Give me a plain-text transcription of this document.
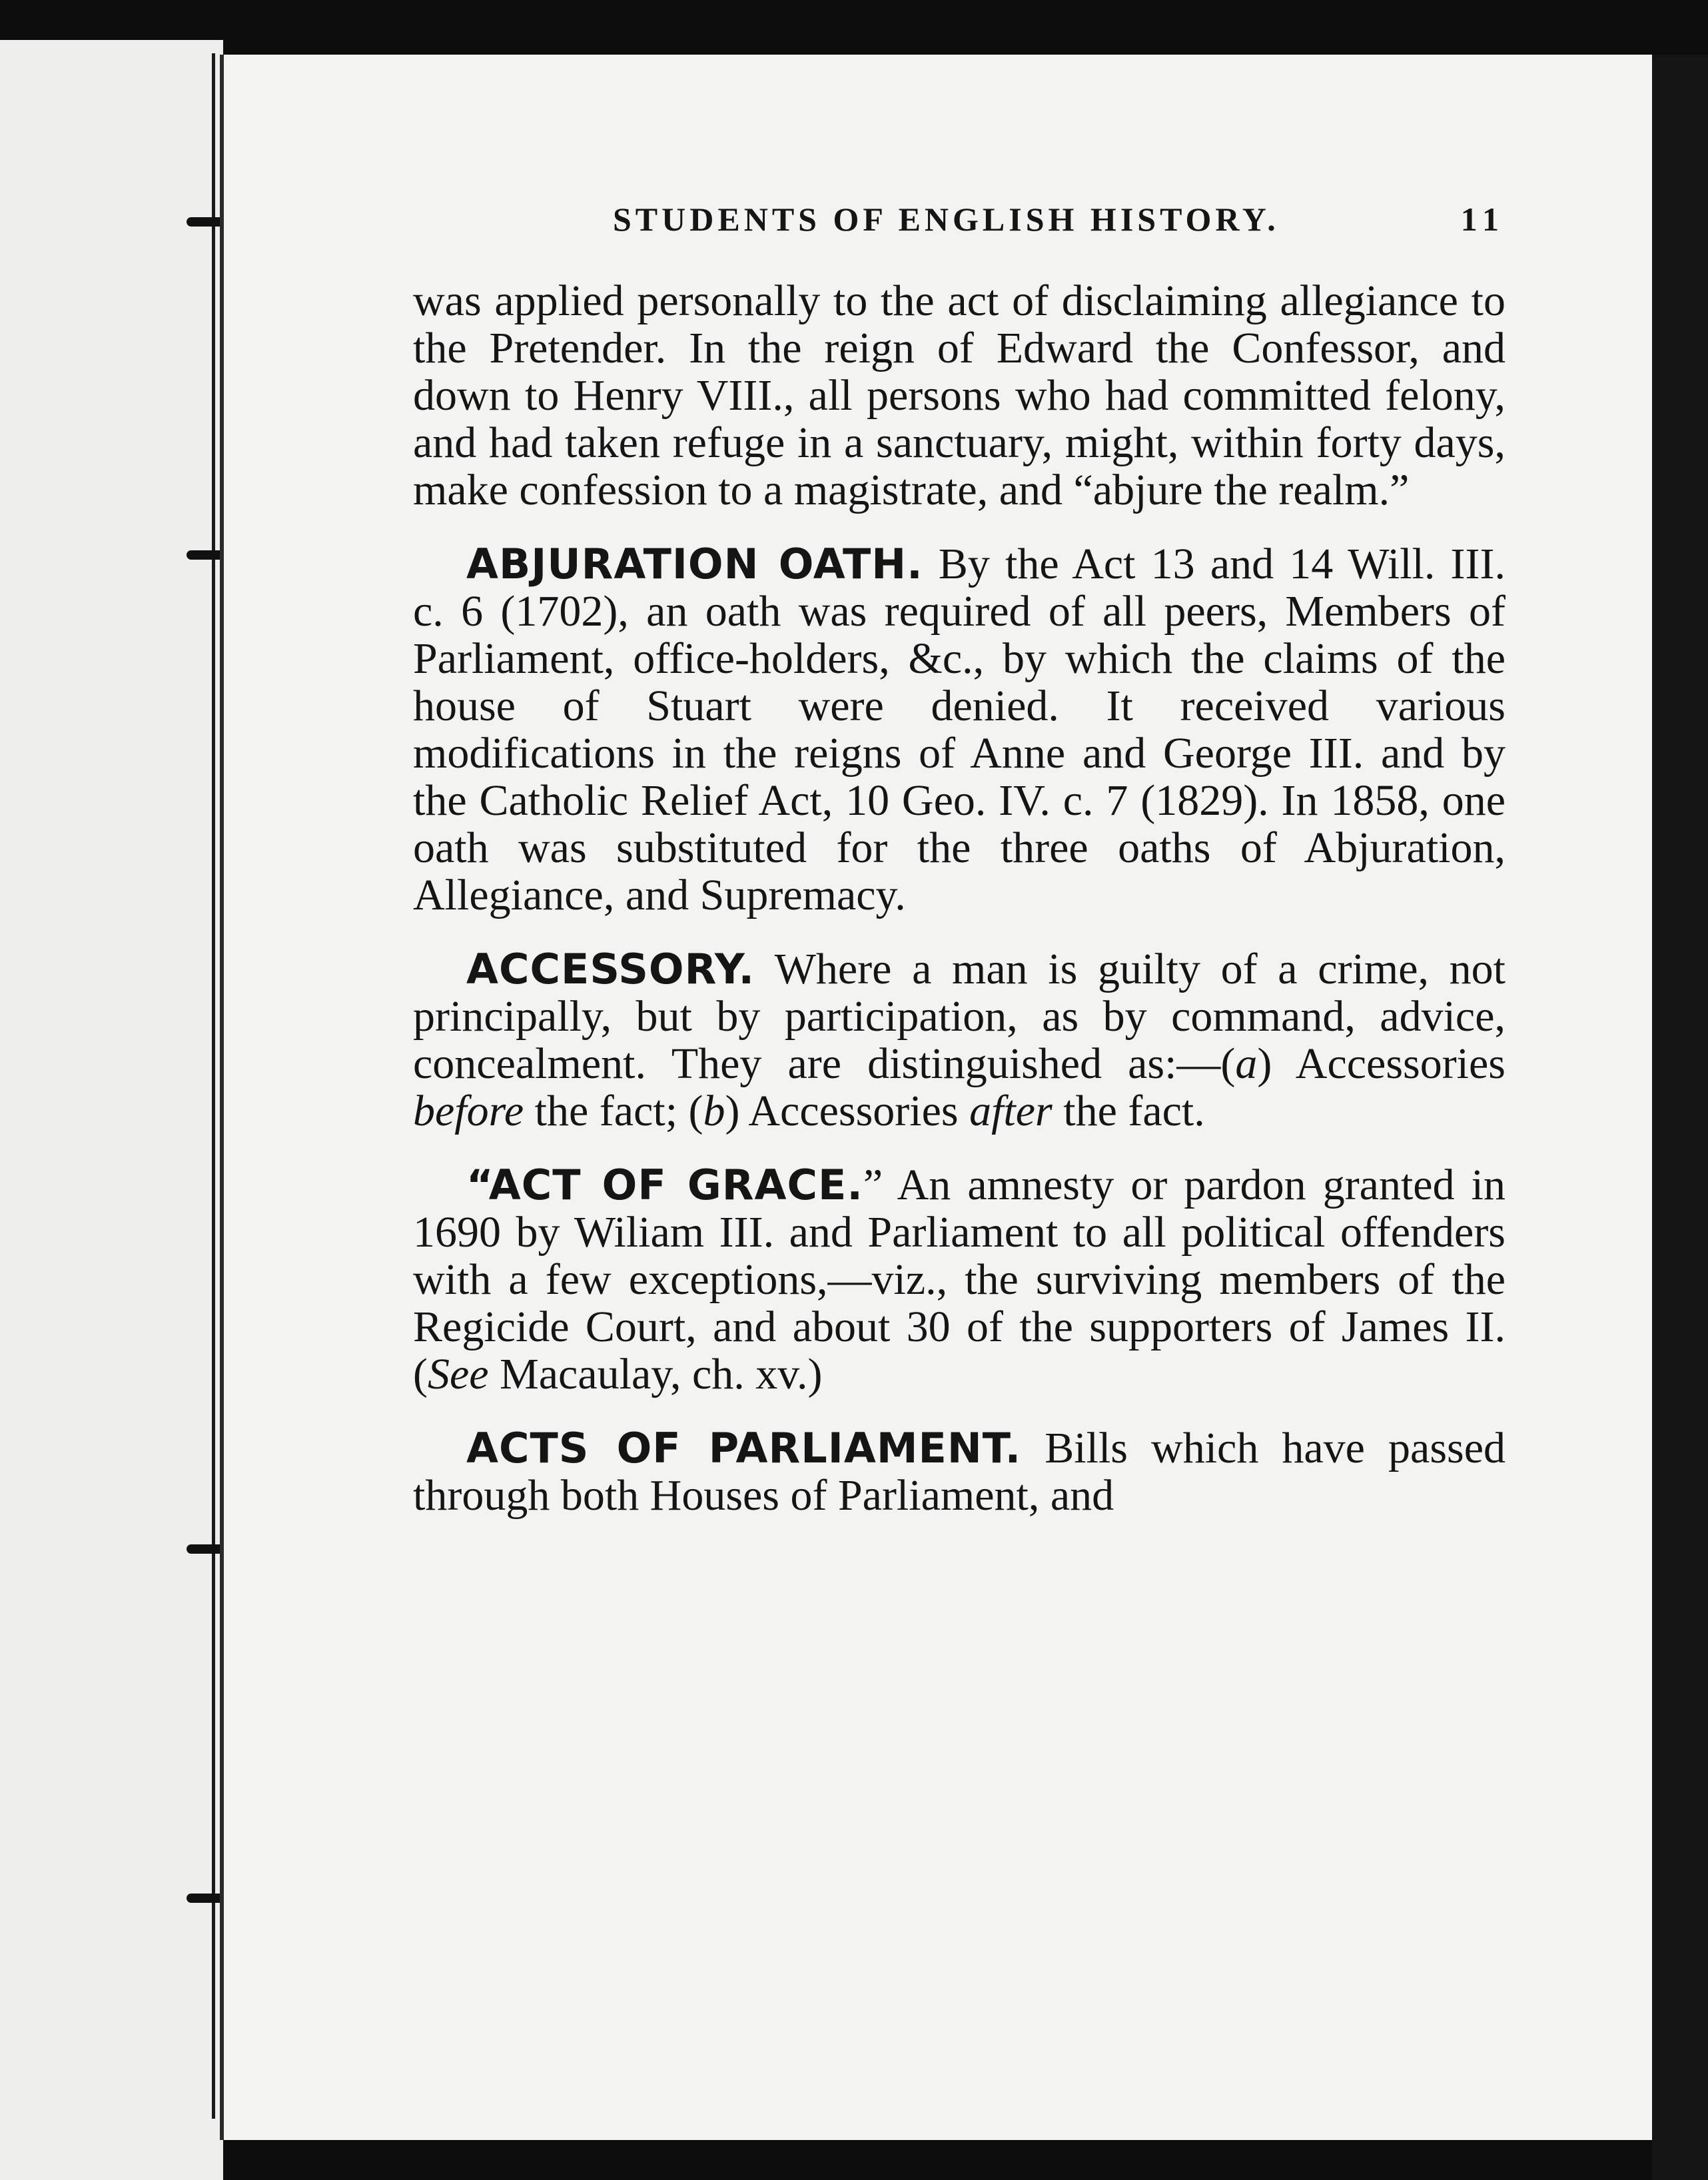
STUDENTS OF ENGLISH HISTORY.	11

was applied personally to the act of disclaiming allegiance to the Pretender. In the reign of Edward the Confessor, and down to Henry VIII., all persons who had committed felony, and had taken refuge in a sanctuary, might, within forty days, make confession to a magistrate, and “abjure the realm.”

ABJURATION OATH. By the Act 13 and 14 Will. III. c. 6 (1702), an oath was required of all peers, Members of Parliament, office-holders, &c., by which the claims of the house of Stuart were denied. It received various modifications in the reigns of Anne and George III. and by the Catholic Relief Act, 10 Geo. IV. c. 7 (1829). In 1858, one oath was substituted for the three oaths of Abjuration, Allegiance, and Supremacy.

ACCESSORY. Where a man is guilty of a crime, not principally, but by participation, as by command, advice, concealment. They are distinguished as:—(a) Accessories before the fact; (b) Accessories after the fact.

“ACT OF GRACE.” An amnesty or pardon granted in 1690 by Wiliam III. and Parliament to all political offenders with a few exceptions,—viz., the surviving members of the Regicide Court, and about 30 of the supporters of James II. (See Macaulay, ch. xv.)

ACTS OF PARLIAMENT. Bills which have passed through both Houses of Parliament, and
